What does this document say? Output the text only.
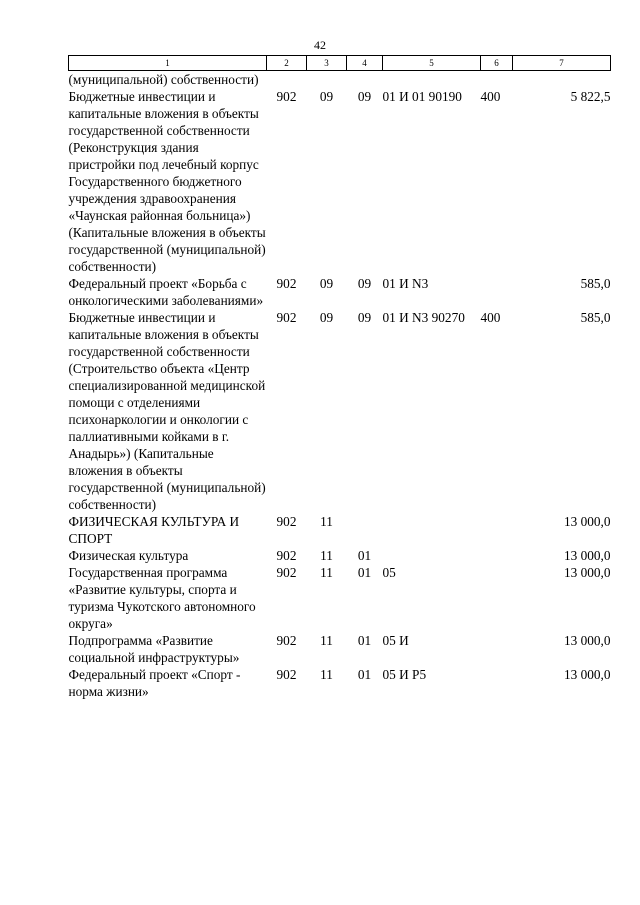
42
1	2	3	4	5	6	7
(муниципальной) собственности)						
Бюджетные инвестиции и капитальные вложения в объекты государственной собственности (Реконструкция здания пристройки под лечебный корпус Государственного бюджетного учреждения здравоохранения «Чаунская районная больница») (Капитальные вложения в объекты государственной (муниципальной) собственности)	902	09	09	01 И 01 90190	400	5 822,5
Федеральный проект «Борьба с онкологическими заболеваниями»	902	09	09	01 И N3		585,0
Бюджетные инвестиции и капитальные вложения в объекты государственной собственности (Строительство объекта «Центр специализированной медицинской помощи с отделениями психонаркологии и онкологии с паллиативными койками в г. Анадырь») (Капитальные вложения в объекты государственной (муниципальной) собственности)	902	09	09	01 И N3 90270	400	585,0
ФИЗИЧЕСКАЯ КУЛЬТУРА И СПОРТ	902	11				13 000,0
Физическая культура	902	11	01			13 000,0
Государственная программа «Развитие культуры, спорта и туризма Чукотского автономного округа»	902	11	01	05		13 000,0
Подпрограмма «Развитие социальной инфраструктуры»	902	11	01	05 И		13 000,0
Федеральный проект «Спорт - норма жизни»	902	11	01	05 И P5		13 000,0
